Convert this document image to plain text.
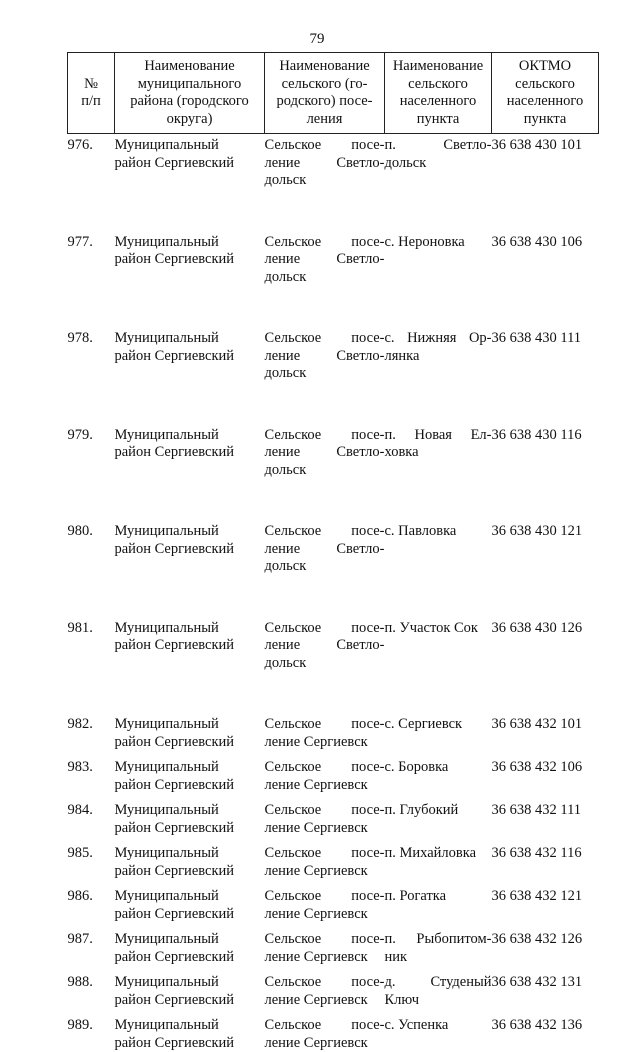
79
№
п/п	Наименование
муниципального
района (городского
округа)	Наименование
сельского (го-
родского) посе-
ления	Наименование
сельского
населенного
пункта	ОКТМО
сельского
населенного
пункта
976.	Муниципальный
район Сергиевский	Сельское посе-
ление Светло-
дольск	п. Светло-
дольск	36 638 430 101
977.	Муниципальный
район Сергиевский	Сельское посе-
ление Светло-
дольск	с. Нероновка	36 638 430 106
978.	Муниципальный
район Сергиевский	Сельское посе-
ление Светло-
дольск	с. Нижняя Ор-
лянка	36 638 430 111
979.	Муниципальный
район Сергиевский	Сельское посе-
ление Светло-
дольск	п. Новая Ел-
ховка	36 638 430 116
980.	Муниципальный
район Сергиевский	Сельское посе-
ление Светло-
дольск	с. Павловка	36 638 430 121
981.	Муниципальный
район Сергиевский	Сельское посе-
ление Светло-
дольск	п. Участок Сок	36 638 430 126
982.	Муниципальный
район Сергиевский	Сельское посе-
ление Сергиевск	с. Сергиевск	36 638 432 101
983.	Муниципальный
район Сергиевский	Сельское посе-
ление Сергиевск	с. Боровка	36 638 432 106
984.	Муниципальный
район Сергиевский	Сельское посе-
ление Сергиевск	п. Глубокий	36 638 432 111
985.	Муниципальный
район Сергиевский	Сельское посе-
ление Сергиевск	п. Михайловка	36 638 432 116
986.	Муниципальный
район Сергиевский	Сельское посе-
ление Сергиевск	п. Рогатка	36 638 432 121
987.	Муниципальный
район Сергиевский	Сельское посе-
ление Сергиевск	п. Рыбопитом-
ник	36 638 432 126
988.	Муниципальный
район Сергиевский	Сельское посе-
ление Сергиевск	д. Студеный
Ключ	36 638 432 131
989.	Муниципальный
район Сергиевский	Сельское посе-
ление Сергиевск	с. Успенка	36 638 432 136
